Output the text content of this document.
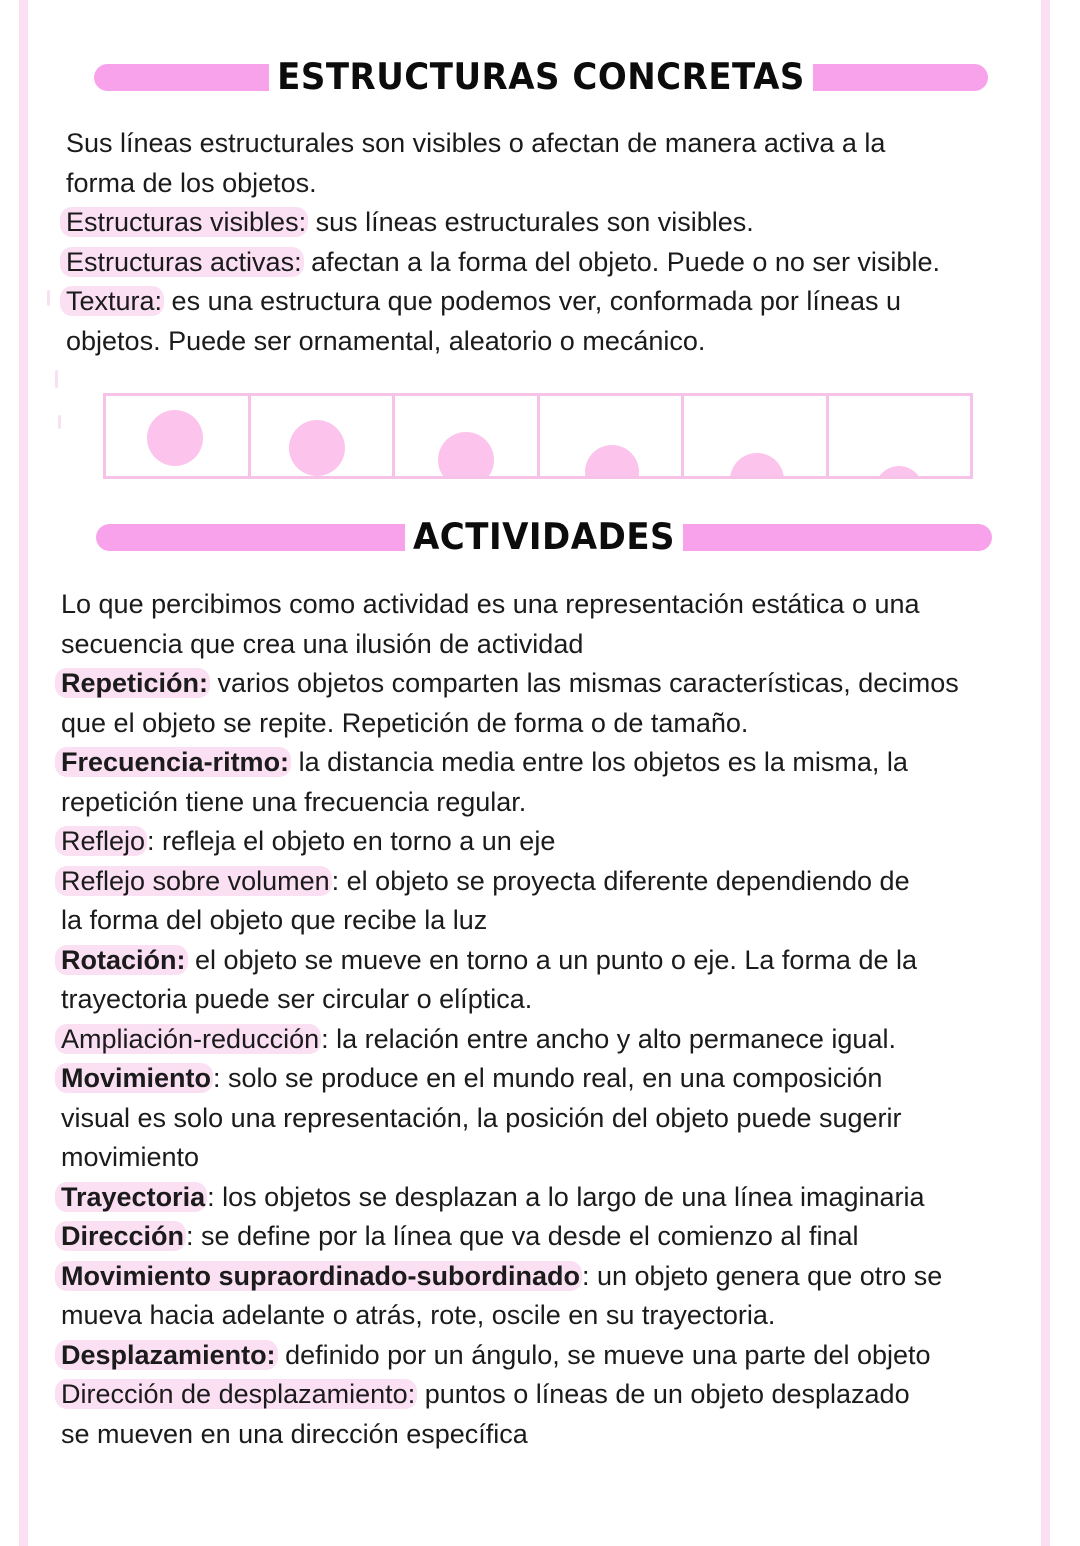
ESTRUCTURAS CONCRETAS
Sus líneas estructurales son visibles o afectan de manera activa a la
forma de los objetos.
Estructuras visibles: sus líneas estructurales son visibles.
Estructuras activas: afectan a la forma del objeto. Puede o no ser visible.
Textura: es una estructura que podemos ver, conformada por líneas u
objetos. Puede ser ornamental, aleatorio o mecánico.
ACTIVIDADES
Lo que percibimos como actividad es una representación estática o una
secuencia que crea una ilusión de actividad
Repetición: varios objetos comparten las mismas características, decimos
que el objeto se repite. Repetición de forma o de tamaño.
Frecuencia-ritmo: la distancia media entre los objetos es la misma, la
repetición tiene una frecuencia regular.
Reflejo: refleja el objeto en torno a un eje
Reflejo sobre volumen: el objeto se proyecta diferente dependiendo de
la forma del objeto que recibe la luz
Rotación: el objeto se mueve en torno a un punto o eje. La forma de la
trayectoria puede ser circular o elíptica.
Ampliación-reducción: la relación entre ancho y alto permanece igual.
Movimiento: solo se produce en el mundo real, en una composición
visual es solo una representación, la posición del objeto puede sugerir
movimiento
Trayectoria: los objetos se desplazan a lo largo de una línea imaginaria
Dirección: se define por la línea que va desde el comienzo al final
Movimiento supraordinado-subordinado: un objeto genera que otro se
mueva hacia adelante o atrás, rote, oscile en su trayectoria.
Desplazamiento: definido por un ángulo, se mueve una parte del objeto
Dirección de desplazamiento: puntos o líneas de un objeto desplazado
se mueven en una dirección específica
